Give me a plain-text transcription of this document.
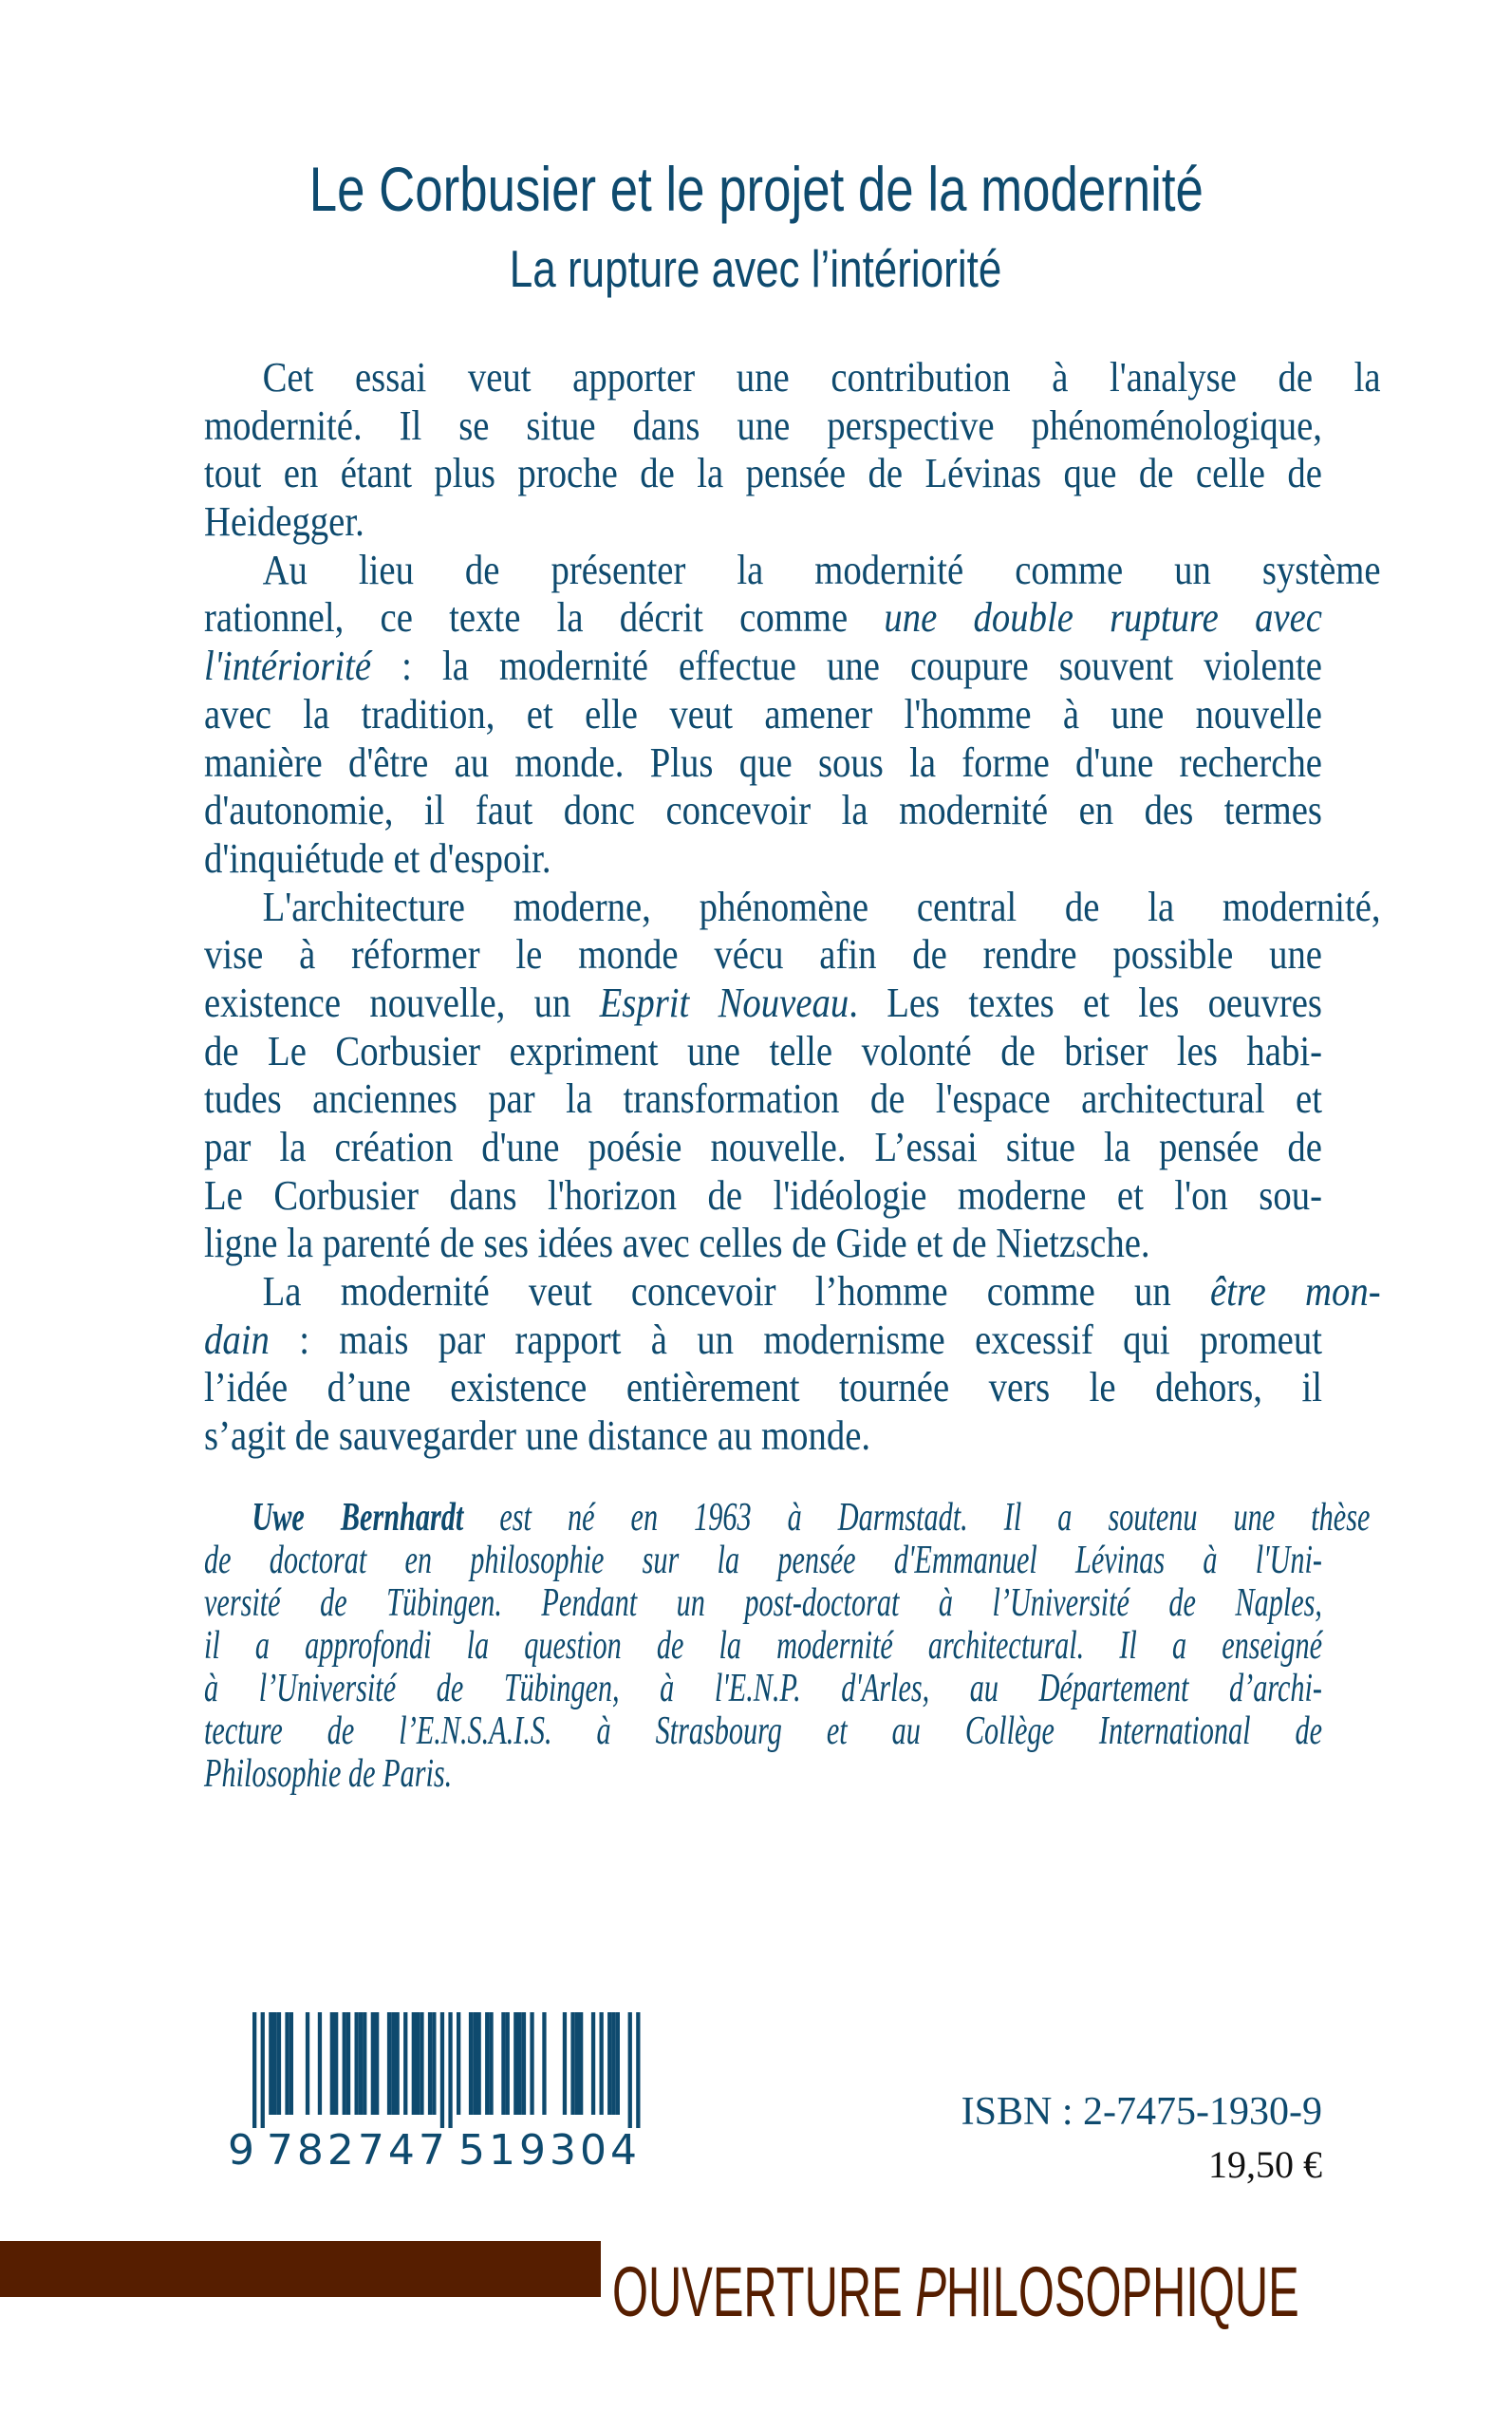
Le Corbusier et le projet de la modernité
La rupture avec l’intériorité
Cet essai veut apporter une contribution à l'analyse de la
modernité. Il se situe dans une perspective phénoménologique,
tout en étant plus proche de la pensée de Lévinas que de celle de
Heidegger.
Au lieu de présenter la modernité comme un système
rationnel, ce texte la décrit comme une double rupture avec
l'intériorité : la modernité effectue une coupure souvent violente
avec la tradition, et elle veut amener l'homme à une nouvelle
manière d'être au monde. Plus que sous la forme d'une recherche
d'autonomie, il faut donc concevoir la modernité en des termes
d'inquiétude et d'espoir.
L'architecture moderne, phénomène central de la modernité,
vise à réformer le monde vécu afin de rendre possible une
existence nouvelle, un Esprit Nouveau. Les textes et les oeuvres
de Le Corbusier expriment une telle volonté de briser les habi-
tudes anciennes par la transformation de l'espace architectural et
par la création d'une poésie nouvelle. L’essai situe la pensée de
Le Corbusier dans l'horizon de l'idéologie moderne et l'on sou-
ligne la parenté de ses idées avec celles de Gide et de Nietzsche.
La modernité veut concevoir l’homme comme un être mon-
dain : mais par rapport à un modernisme excessif qui promeut
l’idée d’une existence entièrement tournée vers le dehors, il
s’agit de sauvegarder une distance au monde.
Uwe Bernhardt est né en 1963 à Darmstadt. Il a soutenu une thèse
de doctorat en philosophie sur la pensée d'Emmanuel Lévinas à l'Uni-
versité de Tübingen. Pendant un post-doctorat à l’Université de Naples,
il a approfondi la question de la modernité architectural. Il a enseigné
à l’Université de Tübingen, à l'E.N.P. d'Arles, au Département d’archi-
tecture de l’E.N.S.A.I.S. à Strasbourg et au Collège International de
Philosophie de Paris.
9 782747 519304
ISBN : 2-7475-1930-9
19,50 €
OUVERTURE PHILOSOPHIQUE
